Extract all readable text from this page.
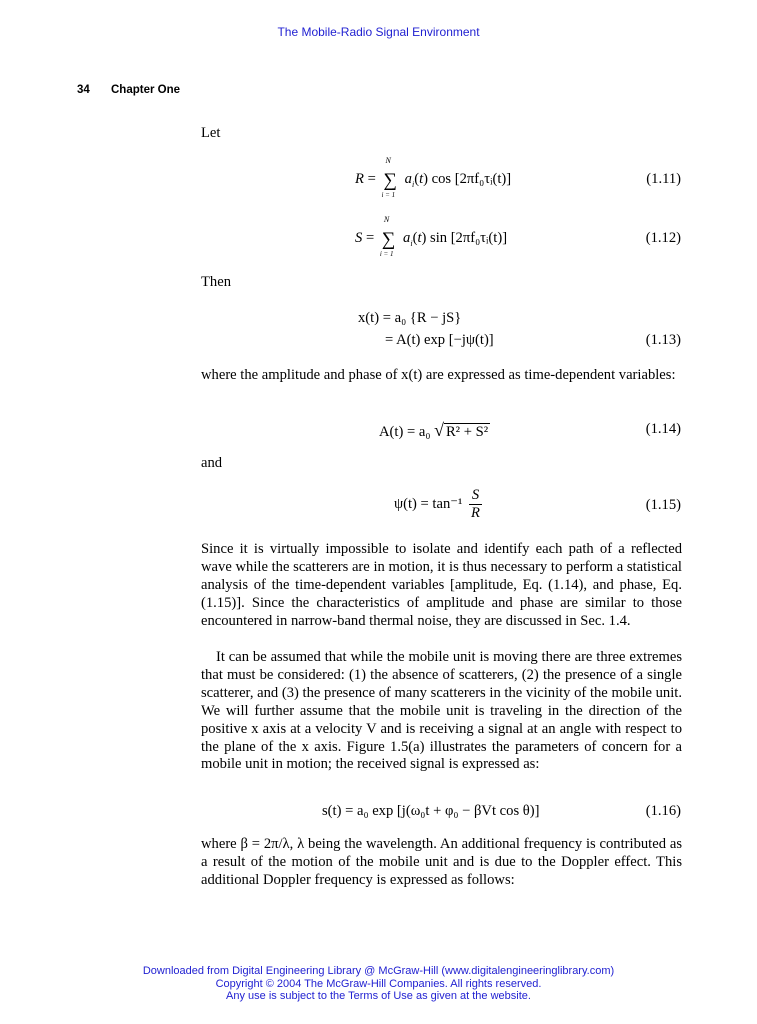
The Mobile-Radio Signal Environment
34 Chapter One
Let
R = ∑
N
i = 1
$a_i(t)$ cos [2πf₀τᵢ(t)]	(1.11)
S = ∑
N
i = 1
$a_i(t)$ sin [2πf₀τᵢ(t)]	(1.12)
Then
x(t) = a₀ {R − jS}
= A(t) exp [−jψ(t)]	(1.13)
where the amplitude and phase of x(t) are expressed as time-dependent variables:
A(t) = a₀ √ R² + S²	(1.14)
and
$\psi(t) = \tan^{-1} \frac{S}{R}$	(1.15)
Since it is virtually impossible to isolate and identify each path of a reflected wave while the scatterers are in motion, it is thus necessary to perform a statistical analysis of the time-dependent variables [amplitude, Eq. (1.14), and phase, Eq. (1.15)]. Since the characteristics of amplitude and phase are similar to those encountered in narrow-band thermal noise, they are discussed in Sec. 1.4.
It can be assumed that while the mobile unit is moving there are three extremes that must be considered: (1) the absence of scatterers, (2) the presence of a single scatterer, and (3) the presence of many scatterers in the vicinity of the mobile unit. We will further assume that the mobile unit is traveling in the direction of the positive x axis at a velocity V and is receiving a signal at an angle with respect to the plane of the x axis. Figure 1.5(a) illustrates the parameters of concern for a mobile unit in motion; the received signal is expressed as:
s(t) = a₀ exp [j(ω₀t + φ₀ − βVt cos θ)]	(1.16)
where β = 2π/λ, λ being the wavelength. An additional frequency is contributed as a result of the motion of the mobile unit and is due to the Doppler effect. This additional Doppler frequency is expressed as follows:
Downloaded from Digital Engineering Library @ McGraw-Hill (www.digitalengineeringlibrary.com)
Copyright © 2004 The McGraw-Hill Companies. All rights reserved.
Any use is subject to the Terms of Use as given at the website.
